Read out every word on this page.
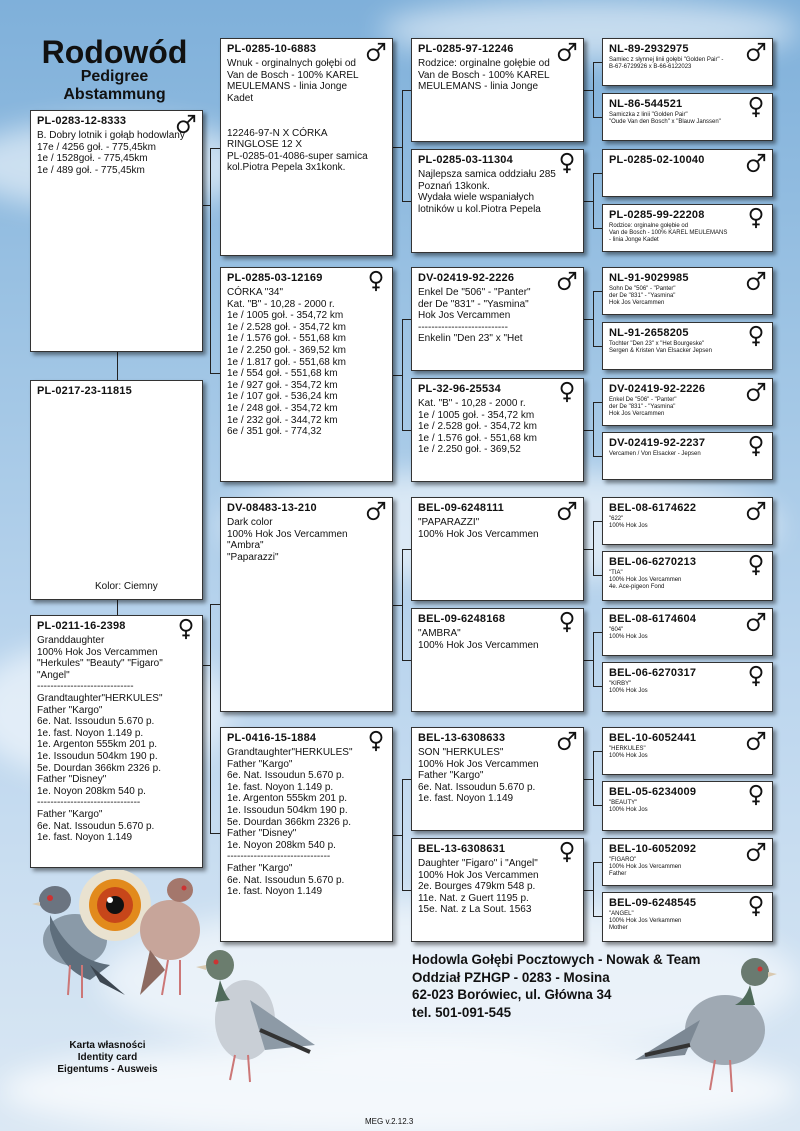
Rodowód
Pedigree
Abstammung
PL-0283-12-8333
B. Dobry lotnik i gołąb hodowlany
17e / 4256 goł. - 775,45km
1e / 1528goł. - 775,45km
1e / 489 goł. - 775,45km
PL-0217-23-11815
Kolor: Ciemny
PL-0211-16-2398
Granddaughter
100% Hok Jos Vercammen
"Herkules" "Beauty" "Figaro"
"Angel"
-----------------------------
Grandtaughter"HERKULES"
Father "Kargo"
6e. Nat. Issoudun 5.670 p.
1e. fast. Noyon 1.149 p.
1e. Argenton 555km 201 p.
1e. Issoudun 504km 190 p.
5e. Dourdan 366km 2326 p.
Father "Disney"
1e. Noyon 208km 540 p.
-------------------------------
Father "Kargo"
6e. Nat. Issoudun 5.670 p.
1e. fast. Noyon 1.149
PL-0285-10-6883
Wnuk - orginalnych gołębi od
Van de Bosch - 100% KAREL
MEULEMANS - linia Jonge
Kadet

12246-97-N X CÓRKA
RINGLOSE 12 X
PL-0285-01-4086-super samica
kol.Piotra Pepela 3x1konk.
PL-0285-03-12169
CÓRKA "34"
Kat. "B" - 10,28 - 2000 r.
1e / 1005 goł. - 354,72 km
1e / 2.528 goł. - 354,72 km
1e / 1.576 goł. - 551,68 km
1e / 2.250 goł. - 369,52 km
1e / 1.817 goł. - 551,68 km
1e / 554 goł. - 551,68 km
1e / 927 goł. - 354,72 km
1e / 107 goł. - 536,24 km
1e / 248 goł. - 354,72 km
1e / 232 goł. - 344,72 km
6e / 351 goł. - 774,32
DV-08483-13-210
Dark color
100% Hok Jos Vercammen
"Ambra"
"Paparazzi"
PL-0416-15-1884
Grandtaughter"HERKULES"
Father "Kargo"
6e. Nat. Issoudun 5.670 p.
1e. fast. Noyon 1.149 p.
1e. Argenton 555km 201 p.
1e. Issoudun 504km 190 p.
5e. Dourdan 366km 2326 p.
Father "Disney"
1e. Noyon 208km 540 p.
-------------------------------
Father "Kargo"
6e. Nat. Issoudun 5.670 p.
1e. fast. Noyon 1.149
PL-0285-97-12246
Rodzice: orginalne gołębie od
Van de Bosch - 100% KAREL
MEULEMANS - linia Jonge
PL-0285-03-11304
Najlepsza samica oddziału 285
Poznań 13konk.
Wydała wiele wspaniałych
lotników u kol.Piotra Pepela
DV-02419-92-2226
Enkel De "506" - "Panter"
der De "831" - "Yasmina"
Hok Jos Vercammen
---------------------------
Enkelin "Den 23" x "Het
PL-32-96-25534
Kat. "B" - 10,28 - 2000 r.
1e / 1005 goł. - 354,72 km
1e / 2.528 goł. - 354,72 km
1e / 1.576 goł. - 551,68 km
1e / 2.250 goł. - 369,52
BEL-09-6248111
"PAPARAZZI"
100% Hok Jos Vercammen
BEL-09-6248168
"AMBRA"
100% Hok Jos Vercammen
BEL-13-6308633
SON "HERKULES"
100% Hok Jos Vercammen
Father "Kargo"
6e. Nat. Issoudun 5.670 p.
1e. fast. Noyon 1.149
BEL-13-6308631
Daughter "Figaro" i "Angel"
100% Hok Jos Vercammen
2e. Bourges 479km 548 p.
11e. Nat. z Guert 1195 p.
15e. Nat. z La Sout. 1563
NL-89-2932975
Samiec z słynnej linii gołębi "Golden Pair" -
B-67-6729926 x B-66-6122023
NL-86-544521
Samiczka z linii "Golden Pair"
"Oude Van den Bosch" x "Blauw Janssen"
PL-0285-02-10040
PL-0285-99-22208
Rodzice: orginalne gołębie od
Van de Bosch - 100% KAREL MEULEMANS
- linia Jonge Kadet
NL-91-9029985
Sohn De "506" - "Panter"
der De "831" - "Yasmina"
Hok Jos Vercammen
NL-91-2658205
Tochter "Den 23" x "Het Bourgeske"
Sergen & Kristen Van Elsacker Jepsen
DV-02419-92-2226
Enkel De "506" - "Panter"
der De "831" - "Yasmina"
Hok Jos Vercammen
DV-02419-92-2237
Vercamen / Von Elsacker - Jepsen
BEL-08-6174622
"622"
100% Hok Jos
BEL-06-6270213
"TIA"
100% Hok Jos Vercammen
4e. Ace-pigeon Fond
BEL-08-6174604
"604"
100% Hok Jos
BEL-06-6270317
"KIRBY"
100% Hok Jos
BEL-10-6052441
"HERKULES"
100% Hok Jos
BEL-05-6234009
"BEAUTY"
100% Hok Jos
BEL-10-6052092
"FIGARO"
100% Hok Jos Vercammen
Father
BEL-09-6248545
"ANGEL"
100% Hok Jos Verkammen
Mother
Hodowla Gołębi Pocztowych - Nowak & Team
Oddział PZHGP - 0283 - Mosina
62-023 Borówiec, ul. Główna 34
tel. 501-091-545
Karta własności
Identity card
Eigentums - Ausweis
MEG v.2.12.3
